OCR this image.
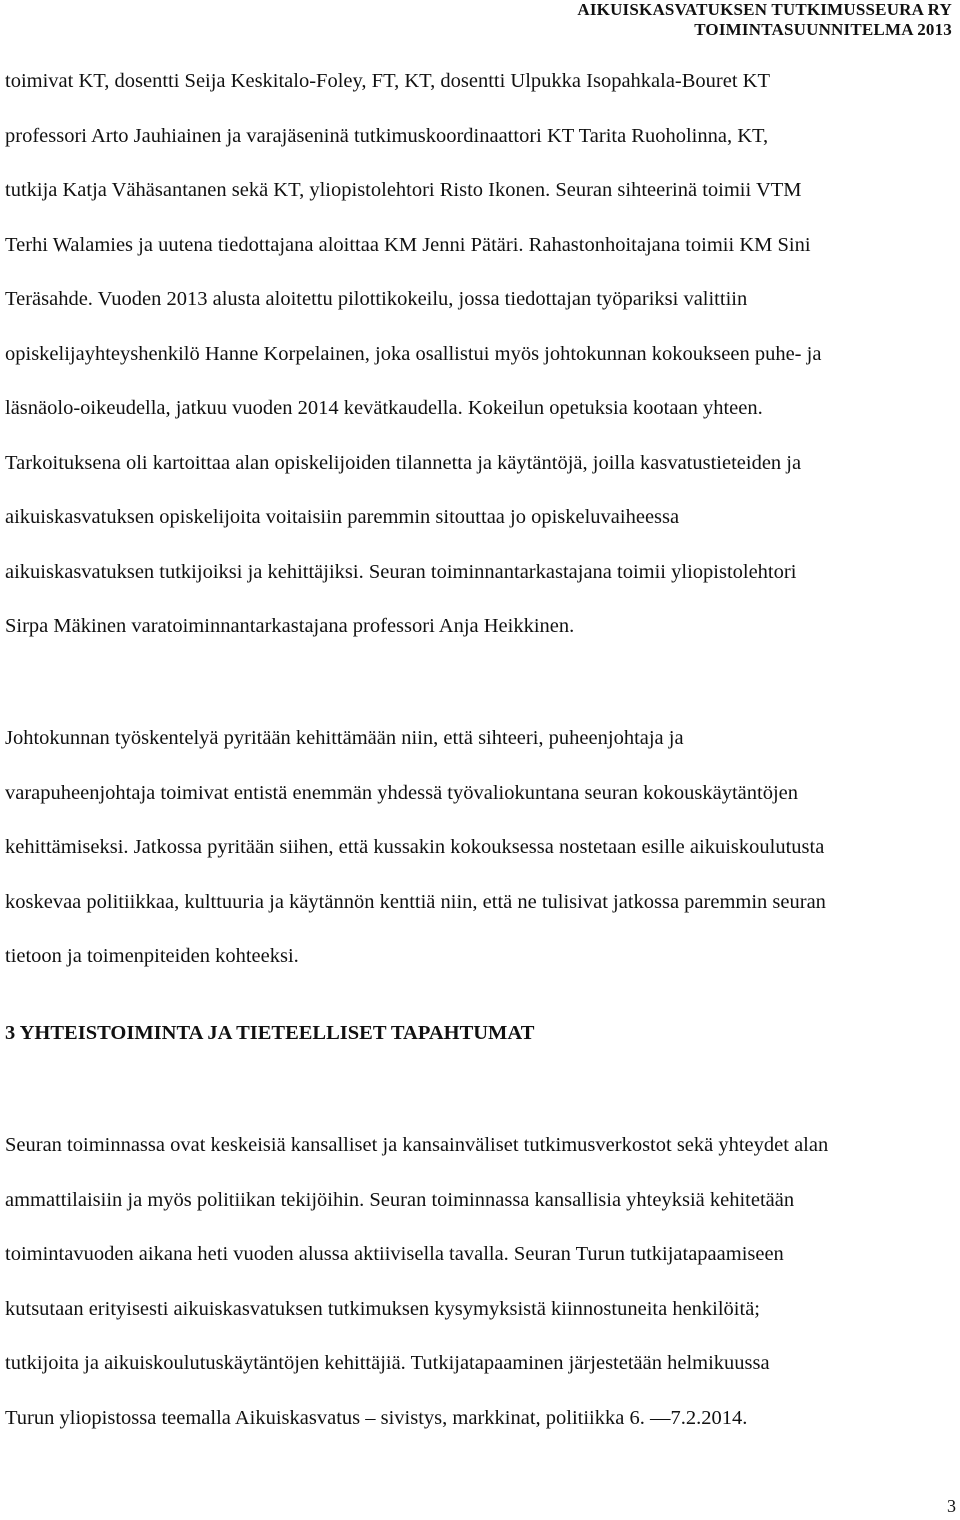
AIKUISKASVATUKSEN TUTKIMUSSEURA RY
TOIMINTASUUNNITELMA 2013
toimivat KT, dosentti Seija Keskitalo-Foley, FT, KT, dosentti Ulpukka Isopahkala-Bouret KT
professori Arto Jauhiainen ja varajäseninä tutkimuskoordinaattori KT Tarita Ruoholinna, KT,
tutkija Katja Vähäsantanen sekä KT, yliopistolehtori Risto Ikonen. Seuran sihteerinä toimii VTM
Terhi Walamies ja uutena tiedottajana aloittaa KM Jenni Pätäri. Rahastonhoitajana toimii KM Sini
Teräsahde. Vuoden 2013 alusta aloitettu pilottikokeilu, jossa tiedottajan työpariksi valittiin
opiskelijayhteyshenkilö Hanne Korpelainen, joka osallistui myös johtokunnan kokoukseen puhe- ja
läsnäolo-oikeudella, jatkuu vuoden 2014 kevätkaudella. Kokeilun opetuksia kootaan yhteen.
Tarkoituksena oli kartoittaa alan opiskelijoiden tilannetta ja käytäntöjä, joilla kasvatustieteiden ja
aikuiskasvatuksen opiskelijoita voitaisiin paremmin sitouttaa jo opiskeluvaiheessa
aikuiskasvatuksen tutkijoiksi ja kehittäjiksi. Seuran toiminnantarkastajana toimii yliopistolehtori
Sirpa Mäkinen varatoiminnantarkastajana professori Anja Heikkinen.
Johtokunnan työskentelyä pyritään kehittämään niin, että sihteeri, puheenjohtaja ja
varapuheenjohtaja toimivat entistä enemmän yhdessä työvaliokuntana seuran kokouskäytäntöjen
kehittämiseksi. Jatkossa pyritään siihen, että kussakin kokouksessa nostetaan esille aikuiskoulutusta
koskevaa politiikkaa, kulttuuria ja käytännön kenttiä niin, että ne tulisivat jatkossa paremmin seuran
tietoon ja toimenpiteiden kohteeksi.
3 YHTEISTOIMINTA JA TIETEELLISET TAPAHTUMAT
Seuran toiminnassa ovat keskeisiä kansalliset ja kansainväliset tutkimusverkostot sekä yhteydet alan
ammattilaisiin ja myös politiikan tekijöihin. Seuran toiminnassa kansallisia yhteyksiä kehitetään
toimintavuoden aikana heti vuoden alussa aktiivisella tavalla. Seuran Turun tutkijatapaamiseen
kutsutaan erityisesti aikuiskasvatuksen tutkimuksen kysymyksistä kiinnostuneita henkilöitä;
tutkijoita ja aikuiskoulutuskäytäntöjen kehittäjiä. Tutkijatapaaminen järjestetään helmikuussa
Turun yliopistossa teemalla Aikuiskasvatus – sivistys, markkinat, politiikka 6. —7.2.2014.
3
